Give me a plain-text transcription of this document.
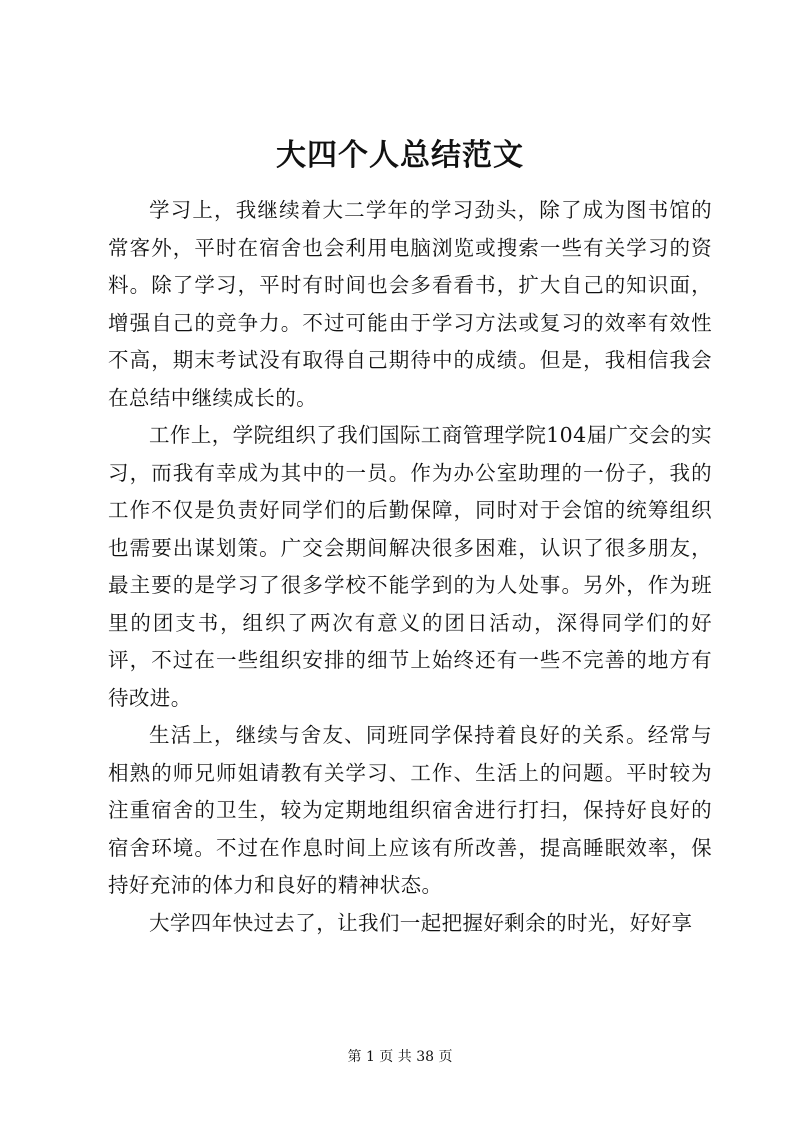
大四个人总结范文

学习上，我继续着大二学年的学习劲头，除了成为图书馆的常客外，平时在宿舍也会利用电脑浏览或搜索一些有关学习的资料。除了学习，平时有时间也会多看看书，扩大自己的知识面，增强自己的竞争力。不过可能由于学习方法或复习的效率有效性不高，期末考试没有取得自己期待中的成绩。但是，我相信我会在总结中继续成长的。

工作上，学院组织了我们国际工商管理学院104届广交会的实习，而我有幸成为其中的一员。作为办公室助理的一份子，我的工作不仅是负责好同学们的后勤保障，同时对于会馆的统筹组织也需要出谋划策。广交会期间解决很多困难，认识了很多朋友，最主要的是学习了很多学校不能学到的为人处事。另外，作为班里的团支书，组织了两次有意义的团日活动，深得同学们的好评，不过在一些组织安排的细节上始终还有一些不完善的地方有待改进。

生活上，继续与舍友、同班同学保持着良好的关系。经常与相熟的师兄师姐请教有关学习、工作、生活上的问题。平时较为注重宿舍的卫生，较为定期地组织宿舍进行打扫，保持好良好的宿舍环境。不过在作息时间上应该有所改善，提高睡眠效率，保持好充沛的体力和良好的精神状态。

大学四年快过去了，让我们一起把握好剩余的时光，好好享

第 1 页 共 38 页
